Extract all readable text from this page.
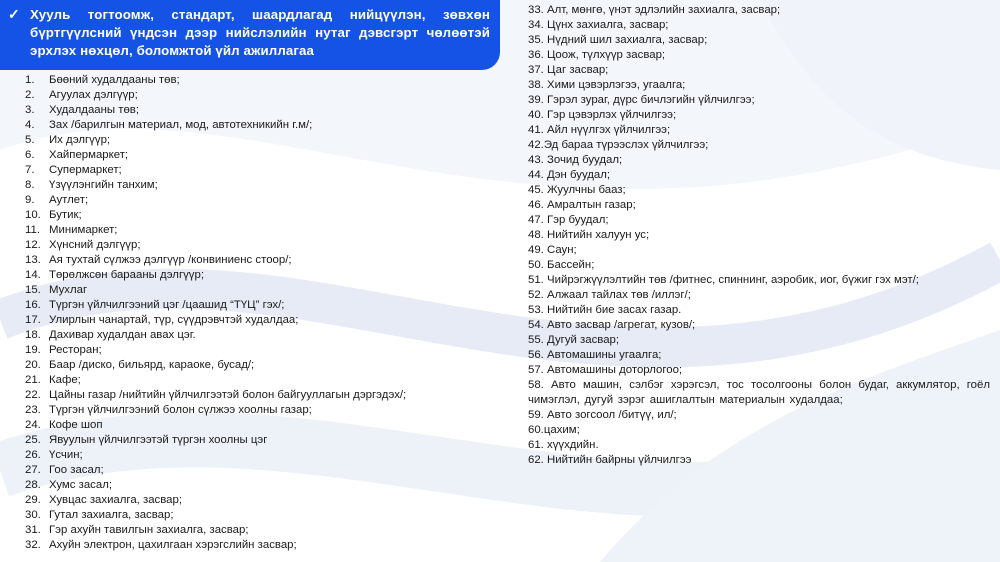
✓ Хууль тогтоомж, стандарт, шаардлагад нийцүүлэн, зөвхөн бүртгүүлсний үндсэн дээр нийслэлийн нутаг дэвсгэрт чөлөөтэй эрхлэх нөхцөл, боломжтой үйл ажиллагаа
1. Бөөний худалдааны төв;
2. Агуулах дэлгүүр;
3. Худалдааны төв;
4. Зах /барилгын материал, мод, автотехникийн г.м/;
5. Их дэлгүүр;
6. Хайпермаркет;
7. Супермаркет;
8. Үзүүлэнгийн танхим;
9. Аутлет;
10. Бутик;
11. Минимаркет;
12. Хүнсний дэлгүүр;
13. Ая тухтай сүлжээ дэлгүүр /конвиниенс стоор/;
14. Төрөлжсөн барааны дэлгүүр;
15. Мухлаг
16. Түргэн үйлчилгээний цэг /цаашид “ТҮЦ” гэх/;
17. Улирлын чанартай, түр, сүүдрэвчтэй худалдаа;
18. Дахивар худалдан авах цэг.
19. Ресторан;
20. Баар /диско, бильярд, караоке, бусад/;
21. Кафе;
22. Цайны газар /нийтийн үйлчилгээтэй болон байгууллагын дэргэдэх/;
23. Түргэн үйлчилгээний болон сүлжээ хоолны газар;
24. Кофе шоп
25. Явуулын үйлчилгээтэй түргэн хоолны цэг
26. Үсчин;
27. Гоо засал;
28. Хумс засал;
29. Хувцас захиалга, засвар;
30. Гутал захиалга, засвар;
31. Гэр ахуйн тавилгын захиалга, засвар;
32. Ахуйн электрон, цахилгаан хэрэгслийн засвар;
33. Алт, мөнгө, үнэт эдлэлийн захиалга, засвар;
34. Цүнх захиалга, засвар;
35. Нүдний шил захиалга, засвар;
36. Цоож, түлхүүр засвар;
37. Цаг засвар;
38. Хими цэвэрлэгээ, угаалга;
39. Гэрэл зураг, дүрс бичлэгийн үйлчилгээ;
40. Гэр цэвэрлэх үйлчилгээ;
41. Айл нүүлгэх үйлчилгээ;
42.Эд бараа түрээслэх үйлчилгээ;
43. Зочид буудал;
44. Дэн буудал;
45. Жуулчны бааз;
46. Амралтын газар;
47. Гэр буудал;
48. Нийтийн халуун ус;
49. Саун;
50. Бассейн;
51. Чийрэгжүүлэлтийн төв /фитнес, спиннинг, аэробик, иог, бүжиг гэх мэт/;
52. Алжаал тайлах төв /иллэг/;
53. Нийтийн бие засах газар.
54. Авто засвар /агрегат, кузов/;
55. Дугуй засвар;
56. Автомашины угаалга;
57. Автомашины доторлогоо;
58. Авто машин, сэлбэг хэрэгсэл, тос тосолгооны болон будаг, аккумлятор, гоёл чимэглэл, дугуй зэрэг ашиглалтын материалын худалдаа;
59. Авто зогсоол /битүү, ил/;
60.цахим;
61. хүүхдийн.
62. Нийтийн байрны үйлчилгээ
